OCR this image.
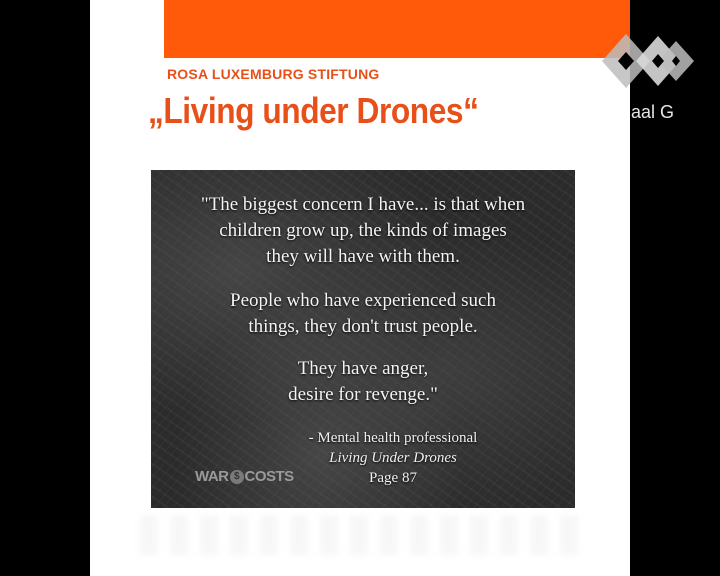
ROSA LUXEMBURG STIFTUNG
„Living under Drones“
"The biggest concern I have... is that when
children grow up, the kinds of images
they will have with them.
People who have experienced such
things, they don't trust people.
They have anger,
desire for revenge."
- Mental health professional
Living Under Drones
Page 87
WAR $ COSTS
aal G
